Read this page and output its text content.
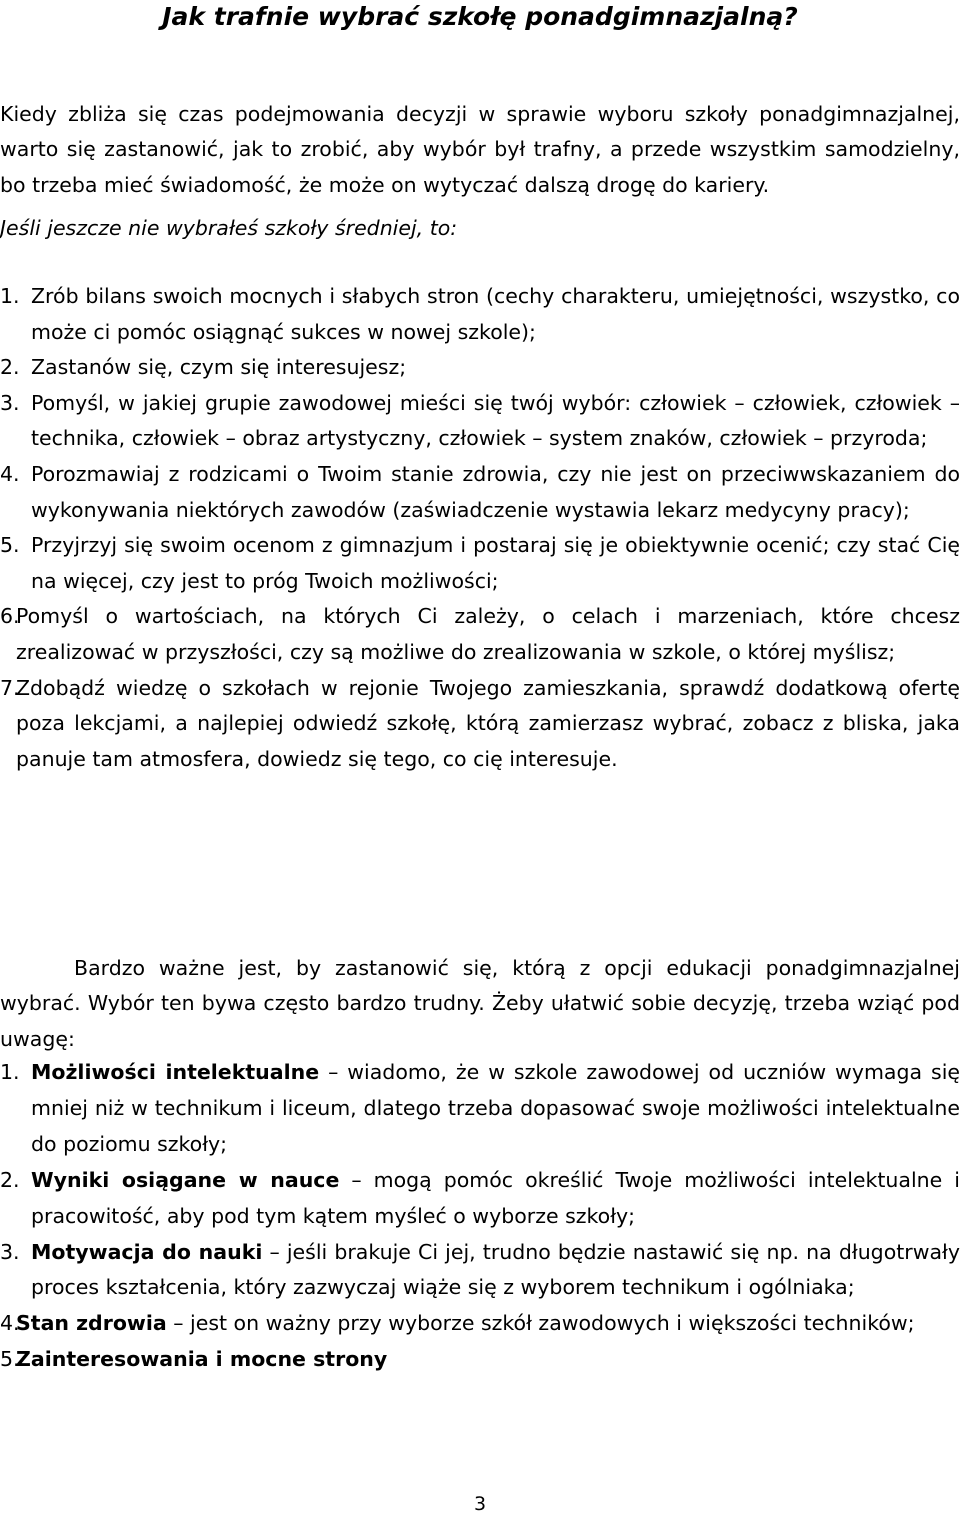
Jak trafnie wybrać szkołę ponadgimnazjalną?
Kiedy zbliża się czas podejmowania decyzji w sprawie wyboru szkoły ponadgimnazjalnej, warto się zastanowić, jak to zrobić, aby wybór był trafny, a przede wszystkim samodzielny, bo trzeba mieć świadomość, że może on wytyczać dalszą drogę do kariery.
Jeśli jeszcze nie wybrałeś szkoły średniej, to:
1. Zrób bilans swoich mocnych i słabych stron (cechy charakteru, umiejętności, wszystko, co może ci pomóc osiągnąć sukces w nowej szkole);
2. Zastanów się, czym się interesujesz;
3. Pomyśl, w jakiej grupie zawodowej mieści się twój wybór: człowiek – człowiek, człowiek – technika, człowiek – obraz artystyczny, człowiek – system znaków, człowiek – przyroda;
4. Porozmawiaj z rodzicami o Twoim stanie zdrowia, czy nie jest on przeciwwskazaniem do wykonywania niektórych zawodów (zaświadczenie wystawia lekarz medycyny pracy);
5. Przyjrzyj się swoim ocenom z gimnazjum i postaraj się je obiektywnie ocenić; czy stać Cię na więcej, czy jest to próg Twoich możliwości;
6.
Pomyśl o wartościach, na których Ci zależy, o celach i marzeniach, które chcesz zrealizować w przyszłości, czy są możliwe do zrealizowania w szkole, o której myślisz;
7.
Zdobądź wiedzę o szkołach w rejonie Twojego zamieszkania, sprawdź dodatkową ofertę poza lekcjami, a najlepiej odwiedź szkołę, którą zamierzasz wybrać, zobacz z bliska, jaka panuje tam atmosfera, dowiedz się tego, co cię interesuje.
Bardzo ważne jest, by zastanowić się, którą z opcji edukacji ponadgimnazjalnej wybrać. Wybór ten bywa często bardzo trudny. Żeby ułatwić sobie decyzję, trzeba wziąć pod uwagę:
1. Możliwości intelektualne – wiadomo, że w szkole zawodowej od uczniów wymaga się mniej niż w technikum i liceum, dlatego trzeba dopasować swoje możliwości intelektualne do poziomu szkoły;
2. Wyniki osiągane w nauce – mogą pomóc określić Twoje możliwości intelektualne i pracowitość, aby pod tym kątem myśleć o wyborze szkoły;
3. Motywacja do nauki – jeśli brakuje Ci jej, trudno będzie nastawić się np. na długotrwały proces kształcenia, który zazwyczaj wiąże się z wyborem technikum i ogólniaka;
4.
Stan zdrowia – jest on ważny przy wyborze szkół zawodowych i większości techników;
5.
Zainteresowania i mocne strony
3
